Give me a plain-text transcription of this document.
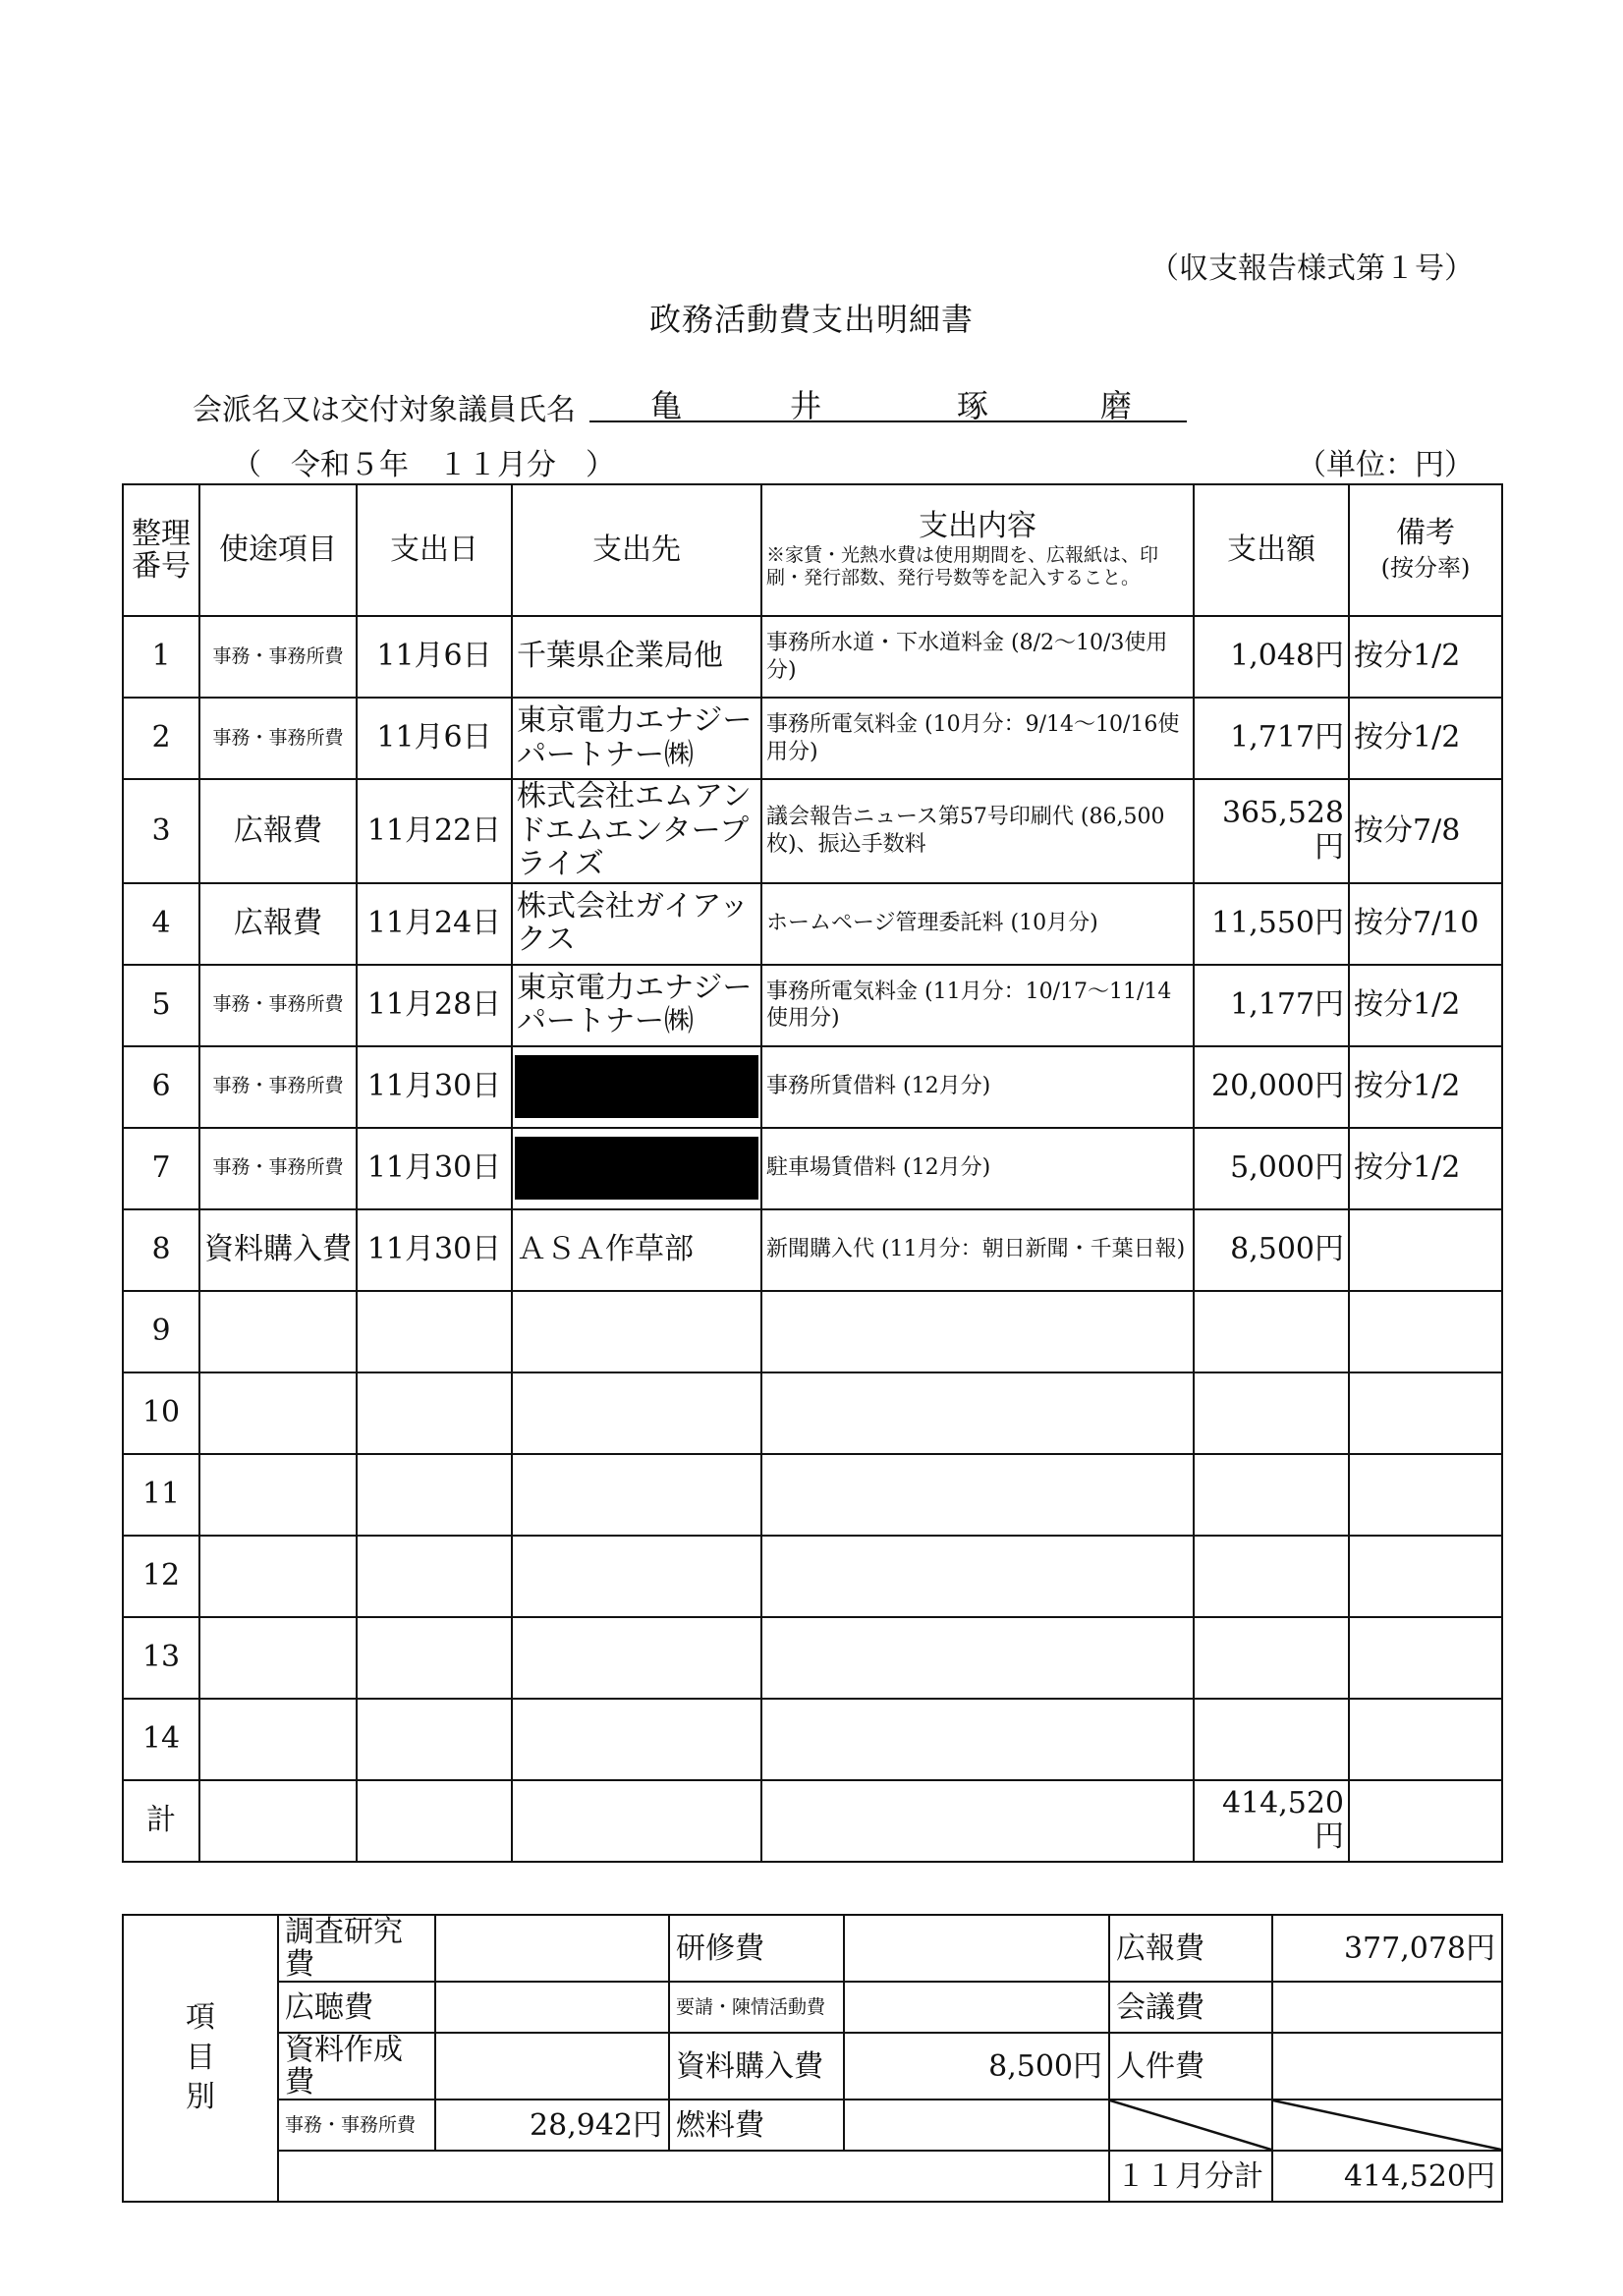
（収支報告様式第１号）
政務活動費支出明細書
会派名又は交付対象議員氏名 亀	井	琢	磨
（　令和５年　１１月分　）	（単位：円）
整理番号	使途項目	支出日	支出先	支出内容
※家賃・光熱水費は使用期間を、広報紙は、印刷・発行部数、発行号数等を記入すること。	支出額	備考
(按分率)
1	事務・事務所費	11月6日	千葉県企業局他	事務所水道・下水道料金 (8/2～10/3使用分)	1,048円	按分1/2
2	事務・事務所費	11月6日	東京電力エナジーパートナー㈱	事務所電気料金 (10月分：9/14～10/16使用分)	1,717円	按分1/2
3	広報費	11月22日	株式会社エムアンドエムエンタープライズ	議会報告ニュース第57号印刷代 (86,500枚)、振込手数料	365,528円	按分7/8
4	広報費	11月24日	株式会社ガイアックス	ホームページ管理委託料 (10月分)	11,550円	按分7/10
5	事務・事務所費	11月28日	東京電力エナジーパートナー㈱	事務所電気料金 (11月分：10/17～11/14使用分)	1,177円	按分1/2
6	事務・事務所費	11月30日		事務所賃借料 (12月分)	20,000円	按分1/2
7	事務・事務所費	11月30日		駐車場賃借料 (12月分)	5,000円	按分1/2
8	資料購入費	11月30日	ＡＳＡ作草部	新聞購入代 (11月分：朝日新聞・千葉日報)	8,500円	
9						
10						
11						
12						
13						
14						
計					414,520円	
項
目
別	調査研究費		研修費		広報費	377,078円
	広聴費		要請・陳情活動費		会議費	
	資料作成費		資料購入費	8,500円	人件費	
	事務・事務所費	28,942円	燃料費			
					１１月分計	414,520円
